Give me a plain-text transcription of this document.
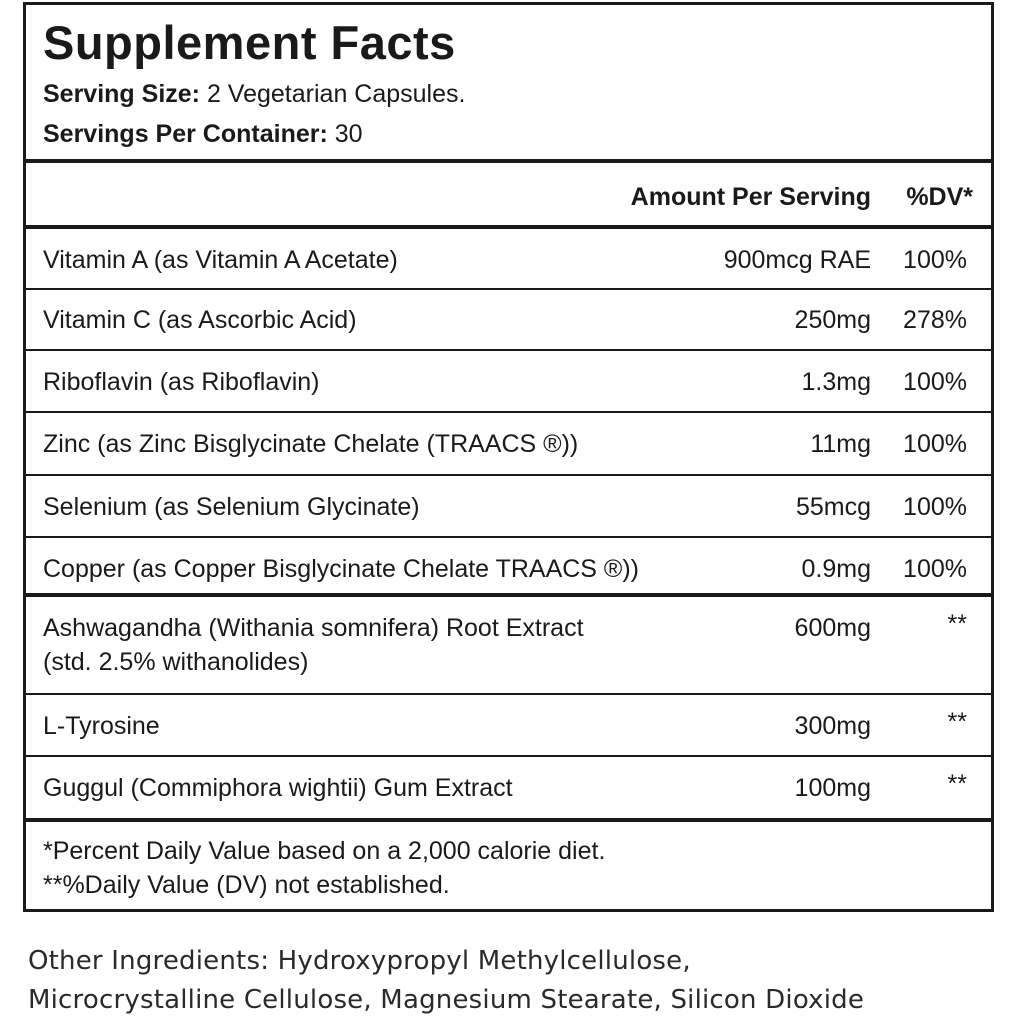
Supplement Facts
Serving Size: 2 Vegetarian Capsules.
Servings Per Container: 30
Amount Per Serving %DV*
Vitamin A (as Vitamin A Acetate)	900mcg RAE 100%
Vitamin C (as Ascorbic Acid)	250mg 278%
Riboflavin (as Riboflavin)	1.3mg 100%
Zinc (as Zinc Bisglycinate Chelate (TRAACS ®))	11mg 100%
Selenium (as Selenium Glycinate)	55mcg 100%
Copper (as Copper Bisglycinate Chelate TRAACS ®))	0.9mg 100%
Ashwagandha (Withania somnifera) Root Extract
(std. 2.5% withanolides)
600mg	**
L-Tyrosine	300mg	**
Guggul (Commiphora wightii) Gum Extract	100mg	**
*Percent Daily Value based on a 2,000 calorie diet.
**%Daily Value (DV) not established.
Other Ingredients: Hydroxypropyl Methylcellulose,
Microcrystalline Cellulose, Magnesium Stearate, Silicon Dioxide
